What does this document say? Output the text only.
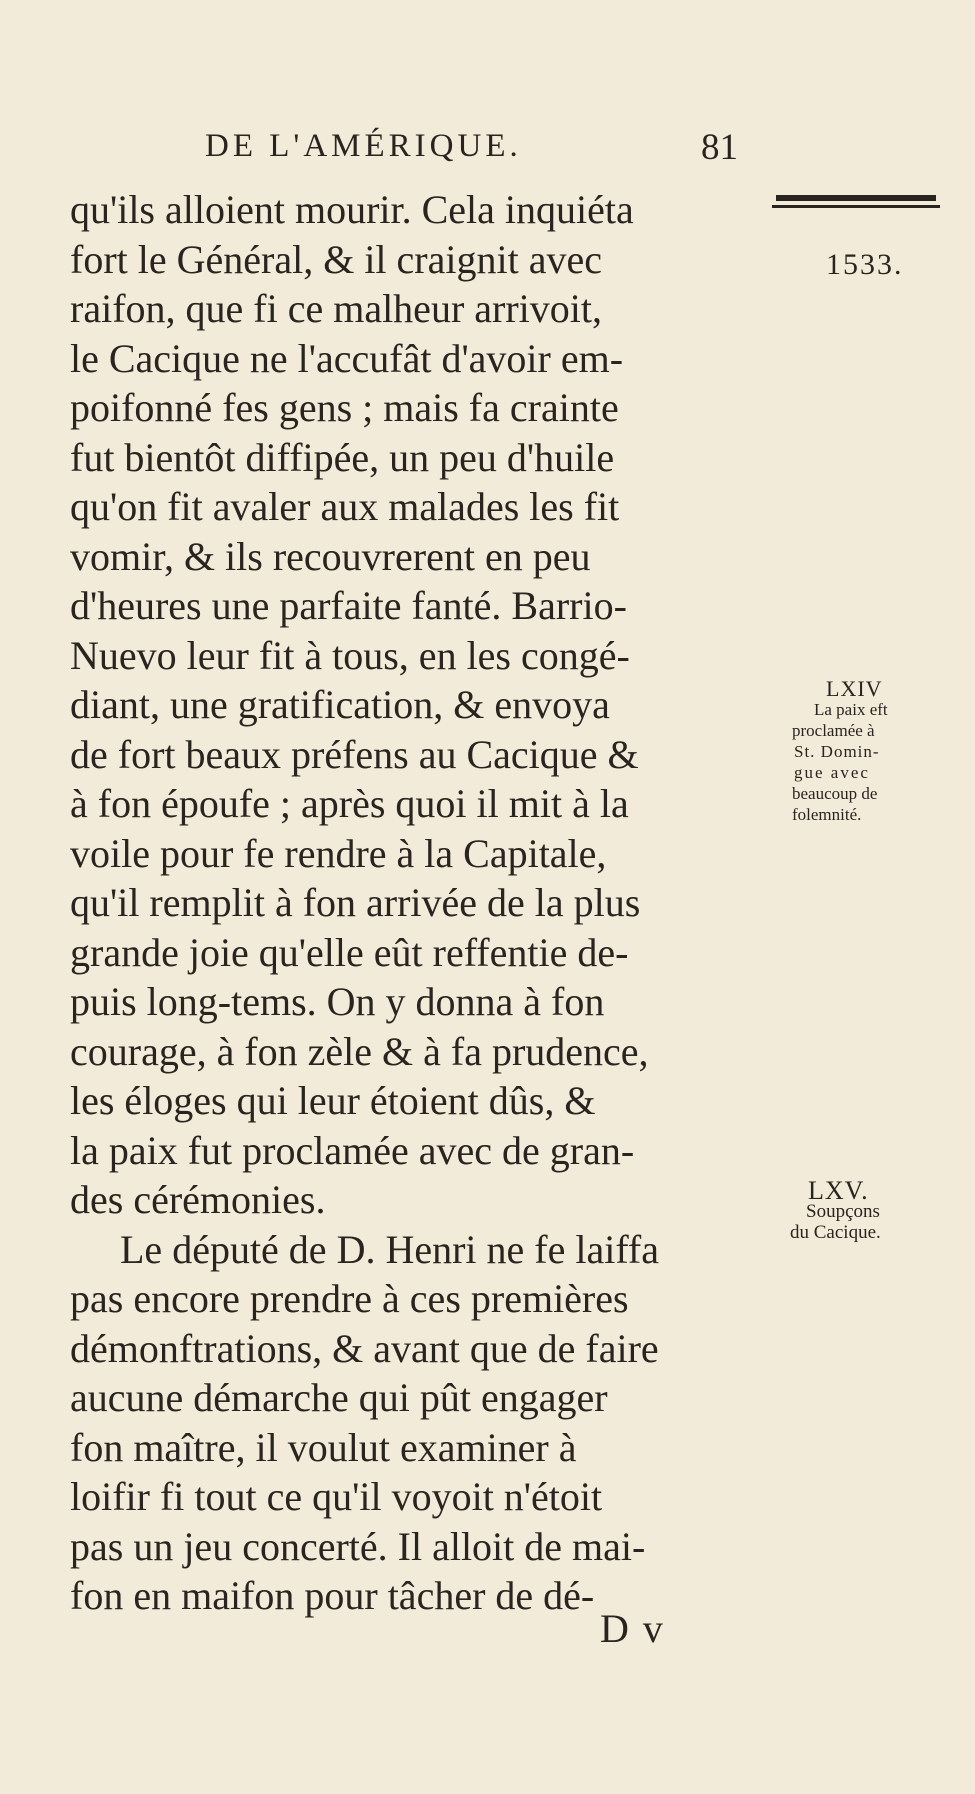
DE L'AMÉRIQUE.	81
1533.
qu'ils alloient mourir. Cela inquiéta
fort le Général, & il craignit avec
raifon, que fi ce malheur arrivoit,
le Cacique ne l'accufât d'avoir em-
poifonné fes gens ; mais fa crainte
fut bientôt diffipée, un peu d'huile
qu'on fit avaler aux malades les fit
vomir, & ils recouvrerent en peu
d'heures une parfaite fanté. Barrio-
Nuevo leur fit à tous, en les congé-
diant, une gratification, & envoya
de fort beaux préfens au Cacique &
à fon époufe ; après quoi il mit à la
voile pour fe rendre à la Capitale,
qu'il remplit à fon arrivée de la plus
grande joie qu'elle eût reffentie de-
puis long-tems. On y donna à fon
courage, à fon zèle & à fa prudence,
les éloges qui leur étoient dûs, &
la paix fut proclamée avec de gran-
des cérémonies.
Le député de D. Henri ne fe laiffa
pas encore prendre à ces premières
démonftrations, & avant que de faire
aucune démarche qui pût engager
fon maître, il voulut examiner à
loifir fi tout ce qu'il voyoit n'étoit
pas un jeu concerté. Il alloit de mai-
fon en maifon pour tâcher de dé-
LXIV
La paix eft
proclamée à
St. Domin-
gue avec
beaucoup de
folemnité.
LXV.
Soupçons
du Cacique.
D v
